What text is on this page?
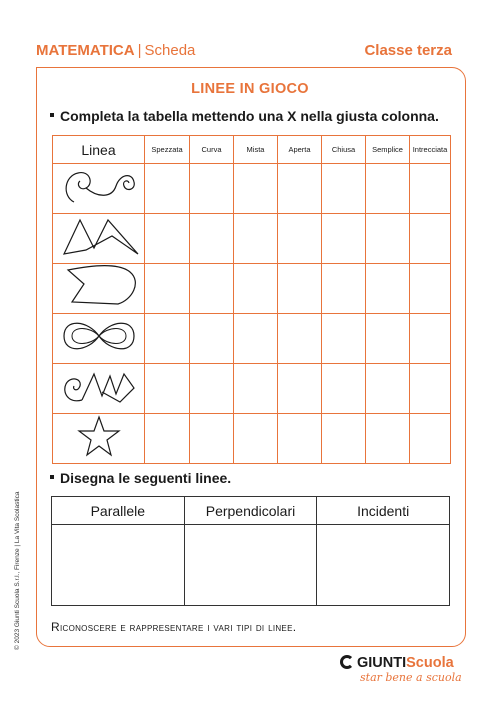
MATEMATICA | Scheda	Classe terza
LINEE IN GIOCO
Completa la tabella mettendo una X nella giusta colonna.
Linea	Spezzata	Curva	Mista	Aperta	Chiusa	Semplice	Intrecciata

Disegna le seguenti linee.
Parallele	Perpendicolari	Incidenti

Riconoscere e rappresentare i vari tipi di linee.
© 2023 Giunti Scuola S.r.l., Firenze | La Vita Scolastica
GIUNTIScuola
star bene a scuola
